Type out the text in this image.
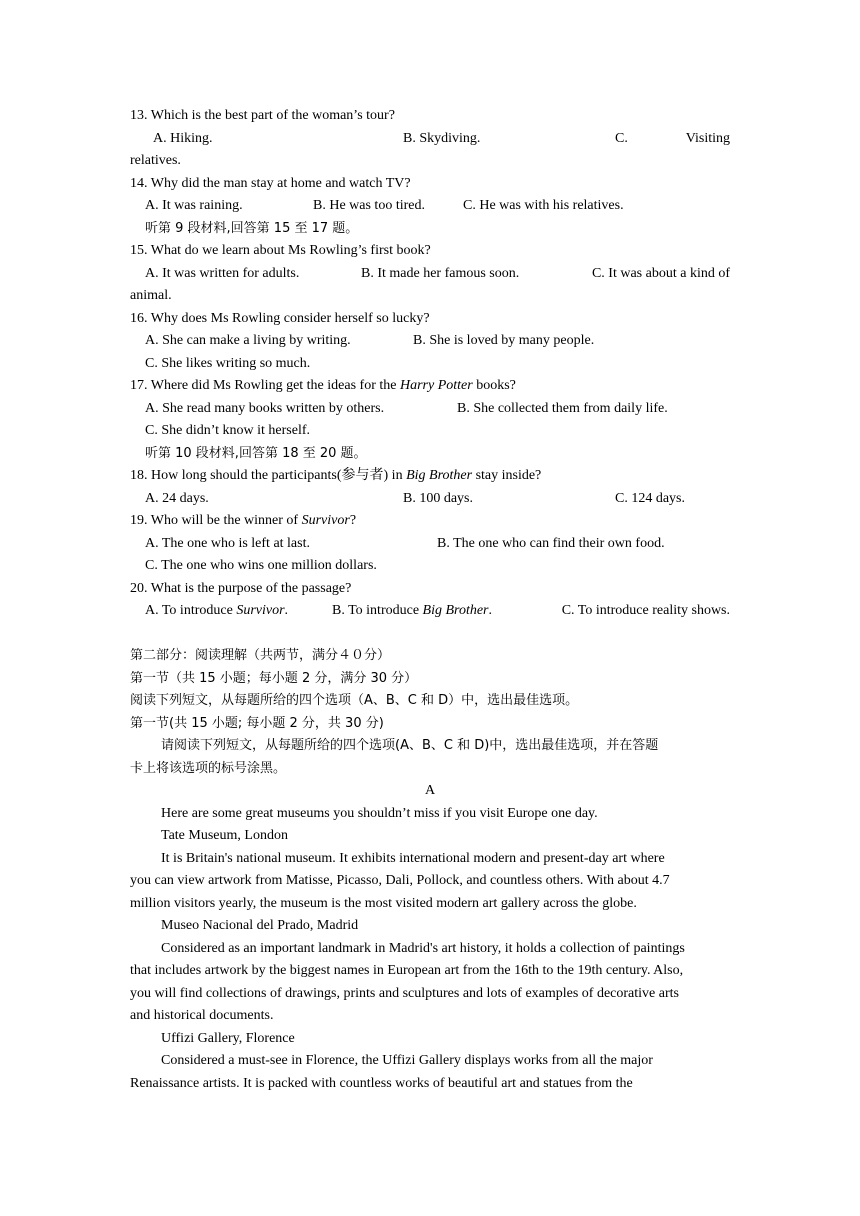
13. Which is the best part of the woman’s tour?
A. Hiking.	B. Skydiving.	C.	Visiting
relatives.
14. Why did the man stay at home and watch TV?
A. It was raining.	B. He was too tired.	C. He was with his relatives.
听第 9 段材料,回答第 15 至 17 题。
15. What do we learn about Ms Rowling’s first book?
A. It was written for adults.	B. It made her famous soon.	C. It was about a kind of
animal.
16. Why does Ms Rowling consider herself so lucky?
A. She can make a living by writing.	B. She is loved by many people.
C. She likes writing so much.
17. Where did Ms Rowling get the ideas for the Harry Potter books?
A. She read many books written by others.	B. She collected them from daily life.
C. She didn’t know it herself.
听第 10 段材料,回答第 18 至 20 题。
18. How long should the participants(参与者) in Big Brother stay inside?
A. 24 days.	B. 100 days.	C. 124 days.
19. Who will be the winner of Survivor?
A. The one who is left at last.	B. The one who can find their own food.
C. The one who wins one million dollars.
20. What is the purpose of the passage?
A. To introduce Survivor.	B. To introduce Big Brother.	C. To introduce reality shows.
第二部分：阅读理解（共两节，满分４０分）
第一节（共 15 小题；每小题 2 分，满分 30 分）
阅读下列短文，从每题所给的四个选项（A、B、C 和 D）中，选出最佳选项。
第一节(共 15 小题; 每小题 2 分，共 30 分)
请阅读下列短文，从每题所给的四个选项(A、B、C 和 D)中，选出最佳选项，并在答题
卡上将该选项的标号涂黑。
A
Here are some great museums you shouldn’t miss if you visit Europe one day.
Tate Museum, London
It is Britain's national museum. It exhibits international modern and present-day art where
you can view artwork from Matisse, Picasso, Dali, Pollock, and countless others. With about 4.7
million visitors yearly, the museum is the most visited modern art gallery across the globe.
Museo Nacional del Prado, Madrid
Considered as an important landmark in Madrid's art history, it holds a collection of paintings
that includes artwork by the biggest names in European art from the 16th to the 19th century. Also,
you will find collections of drawings, prints and sculptures and lots of examples of decorative arts
and historical documents.
Uffizi Gallery, Florence
Considered a must-see in Florence, the Uffizi Gallery displays works from all the major
Renaissance artists. It is packed with countless works of beautiful art and statues from the
